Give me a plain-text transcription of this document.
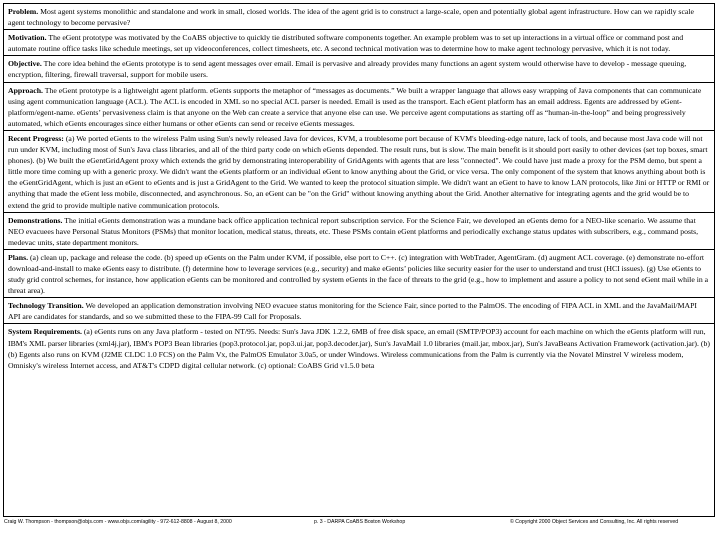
Problem. Most agent systems monolithic and standalone and work in small, closed worlds. The idea of the agent grid is to construct a large-scale, open and potentially global agent infrastructure. How can we rapidly scale agent technology to become pervasive?

Motivation. The eGent prototype was motivated by the CoABS objective to quickly tie distributed software components together. An example problem was to set up interactions in a virtual office or command post and automate routine office tasks like schedule meetings, set up videoconferences, collect timesheets, etc. A second technical motivation was to determine how to make agent technology pervasive, which it is not today.

Objective. The core idea behind the eGents prototype is to send agent messages over email. Email is pervasive and already provides many functions an agent system would otherwise have to develop - message queuing, encryption, filtering, firewall traversal, support for mobile users.

Approach. The eGent prototype is a lightweight agent platform. eGents supports the metaphor of “messages as documents.” We built a wrapper language that allows easy wrapping of Java components that can communicate using agent communication language (ACL). The ACL is encoded in XML so no special ACL parser is needed. Email is used as the transport. Each eGent platform has an email address. Egents are addressed by eGent-platform/egent-name. eGents’ pervasiveness claim is that anyone on the Web can create a service that anyone else can use. We perceive agent computations as starting off as “human-in-the-loop” and being progressively automated, which eGents encourages since either humans or other eGents can send or receive eGents messages.

Recent Progress: (a) We ported eGents to the wireless Palm using Sun's newly released Java for devices, KVM, a troublesome port because of KVM's bleeding-edge nature, lack of tools, and because most Java code will not run under KVM, including most of Sun's Java class libraries, and all of the third party code on which eGents depended. The result runs, but is slow. The main benefit is it should port easily to other devices (set top boxes, smart phones). (b) We built the eGentGridAgent proxy which extends the grid by demonstrating interoperability of GridAgents with agents that are less "connected". We could have just made a proxy for the PSM demo, but spent a little more time coming up with a generic proxy. We didn't want the eGents platform or an individual eGent to know anything about the Grid, or vice versa. The only component of the system that knows anything about both is the eGentGridAgent, which is just an eGent to eGents and is just a GridAgent to the Grid. We wanted to keep the protocol situation simple. We didn't want an eGent to have to know LAN protocols, like Jini or HTTP or RMI or anything that made the eGent less mobile, disconnected, and asynchronous. So, an eGent can be "on the Grid" without knowing anything about the Grid. Another alternative for integrating agents and the grid would be to extend the grid to provide multiple native communication protocols.

Demonstrations. The initial eGents demonstration was a mundane back office application technical report subscription service. For the Science Fair, we developed an eGents demo for a NEO-like scenario. We assume that NEO evacuees have Personal Status Monitors (PSMs) that monitor location, medical status, threats, etc. These PSMs contain eGent platforms and periodically exchange status updates with subscribers, e.g., command posts, medevac units, state department monitors.

Plans. (a) clean up, package and release the code. (b) speed up eGents on the Palm under KVM, if possible, else port to C++. (c) integration with WebTrader, AgentGram. (d) augment ACL coverage. (e) demonstrate no-effort download-and-install to make eGents easy to distribute. (f) determine how to leverage services (e.g., security) and make eGents’ policies like security easier for the user to understand and trust (HCI issues). (g) Use eGents to study grid control schemes, for instance, how application eGents can be monitored and controlled by system eGents in the face of threats to the grid (e.g., how to implement and assure a policy to not send eGent mail while in a threat area).

Technology Transition. We developed an application demonstration involving NEO evacuee status monitoring for the Science Fair, since ported to the PalmOS. The encoding of FIPA ACL in XML and the JavaMail/MAPI API are candidates for standards, and so we submitted these to the FIPA-99 Call for Proposals.

System Requirements. (a) eGents runs on any Java platform - tested on NT/95. Needs: Sun's Java JDK 1.2.2, 6MB of free disk space, an email (SMTP/POP3) account for each machine on which the eGents platform will run, IBM's XML parser libraries (xml4j.jar), IBM's POP3 Bean libraries (pop3.protocol.jar, pop3.ui.jar, pop3.decoder.jar), Sun's JavaMail 1.0 libraries (mail.jar, mbox.jar), Sun's JavaBeans Activation Framework (activation.jar). (b) (b) Egents also runs on KVM (J2ME CLDC 1.0 FCS) on the Palm Vx, the PalmOS Emulator 3.0a5, or under Windows. Wireless communications from the Palm is currently via the Novatel Minstrel V wireless modem, Omnisky's wireless Internet access, and AT&T's CDPD digital cellular network. (c) optional: CoABS Grid v1.5.0 beta

Craig W. Thompson - thompson@objs.com - www.objs.com/agility - 972-612-8808 - August 8, 2000	p. 3 - DARPA CoABS Boston Workshop	© Copyright 2000 Object Services and Consulting, Inc. All rights reserved
